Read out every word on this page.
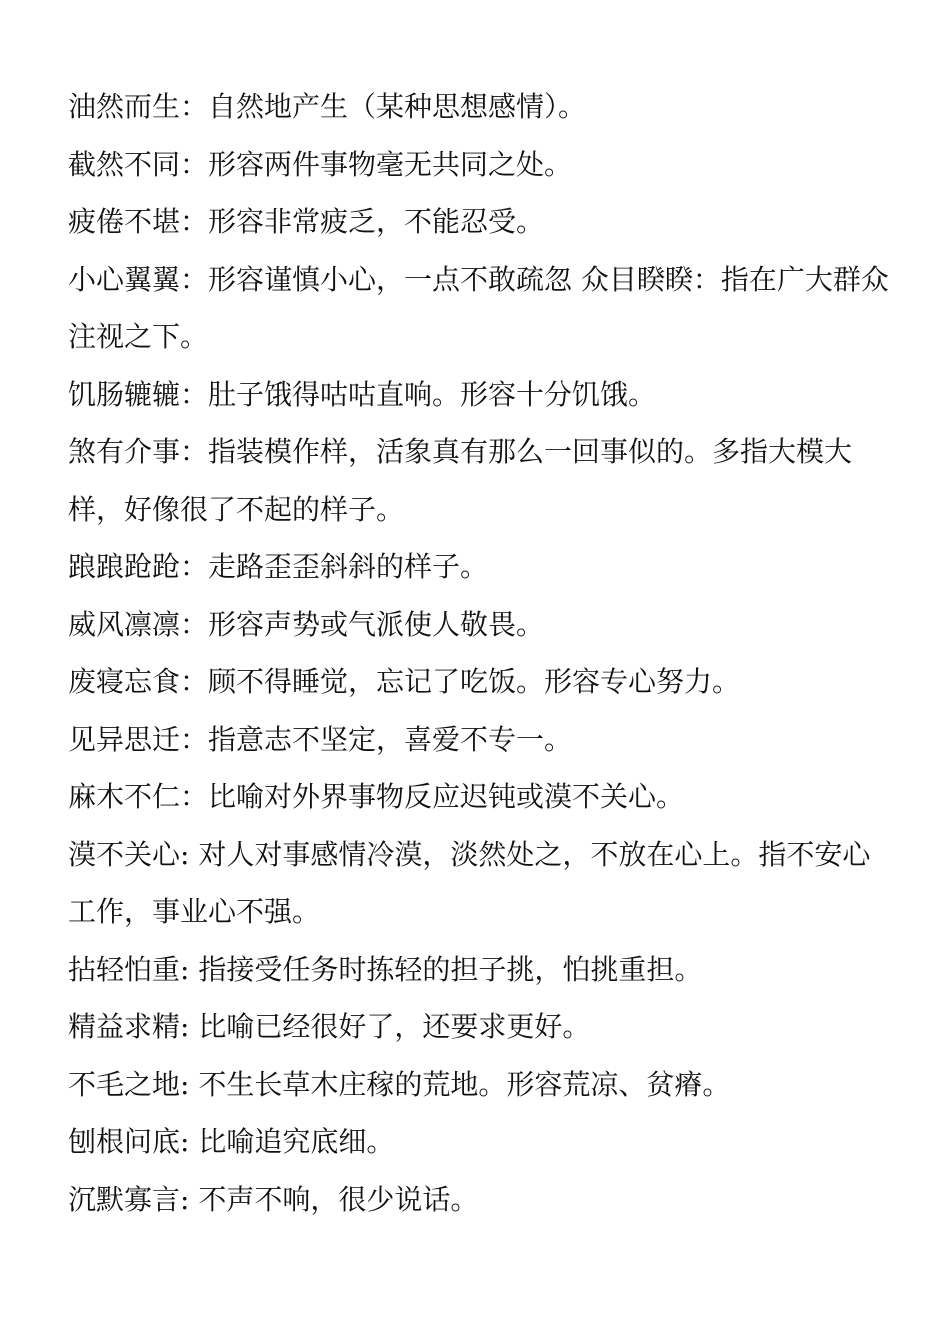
油然而生：自然地产生（某种思想感情）。

截然不同：形容两件事物毫无共同之处。

疲倦不堪：形容非常疲乏，不能忍受。

小心翼翼：形容谨慎小心，一点不敢疏忽 众目睽睽：指在广大群众注视之下。

饥肠辘辘：肚子饿得咕咕直响。形容十分饥饿。

煞有介事：指装模作样，活象真有那么一回事似的。多指大模大样，好像很了不起的样子。

踉踉跄跄：走路歪歪斜斜的样子。

威风凛凛：形容声势或气派使人敬畏。

废寝忘食：顾不得睡觉，忘记了吃饭。形容专心努力。

见异思迁：指意志不坚定，喜爱不专一。

麻木不仁：比喻对外界事物反应迟钝或漠不关心。

漠不关心: 对人对事感情冷漠，淡然处之，不放在心上。指不安心工作，事业心不强。

拈轻怕重: 指接受任务时拣轻的担子挑，怕挑重担。

精益求精: 比喻已经很好了，还要求更好。

不毛之地: 不生长草木庄稼的荒地。形容荒凉、贫瘠。

刨根问底: 比喻追究底细。

沉默寡言: 不声不响，很少说话。
